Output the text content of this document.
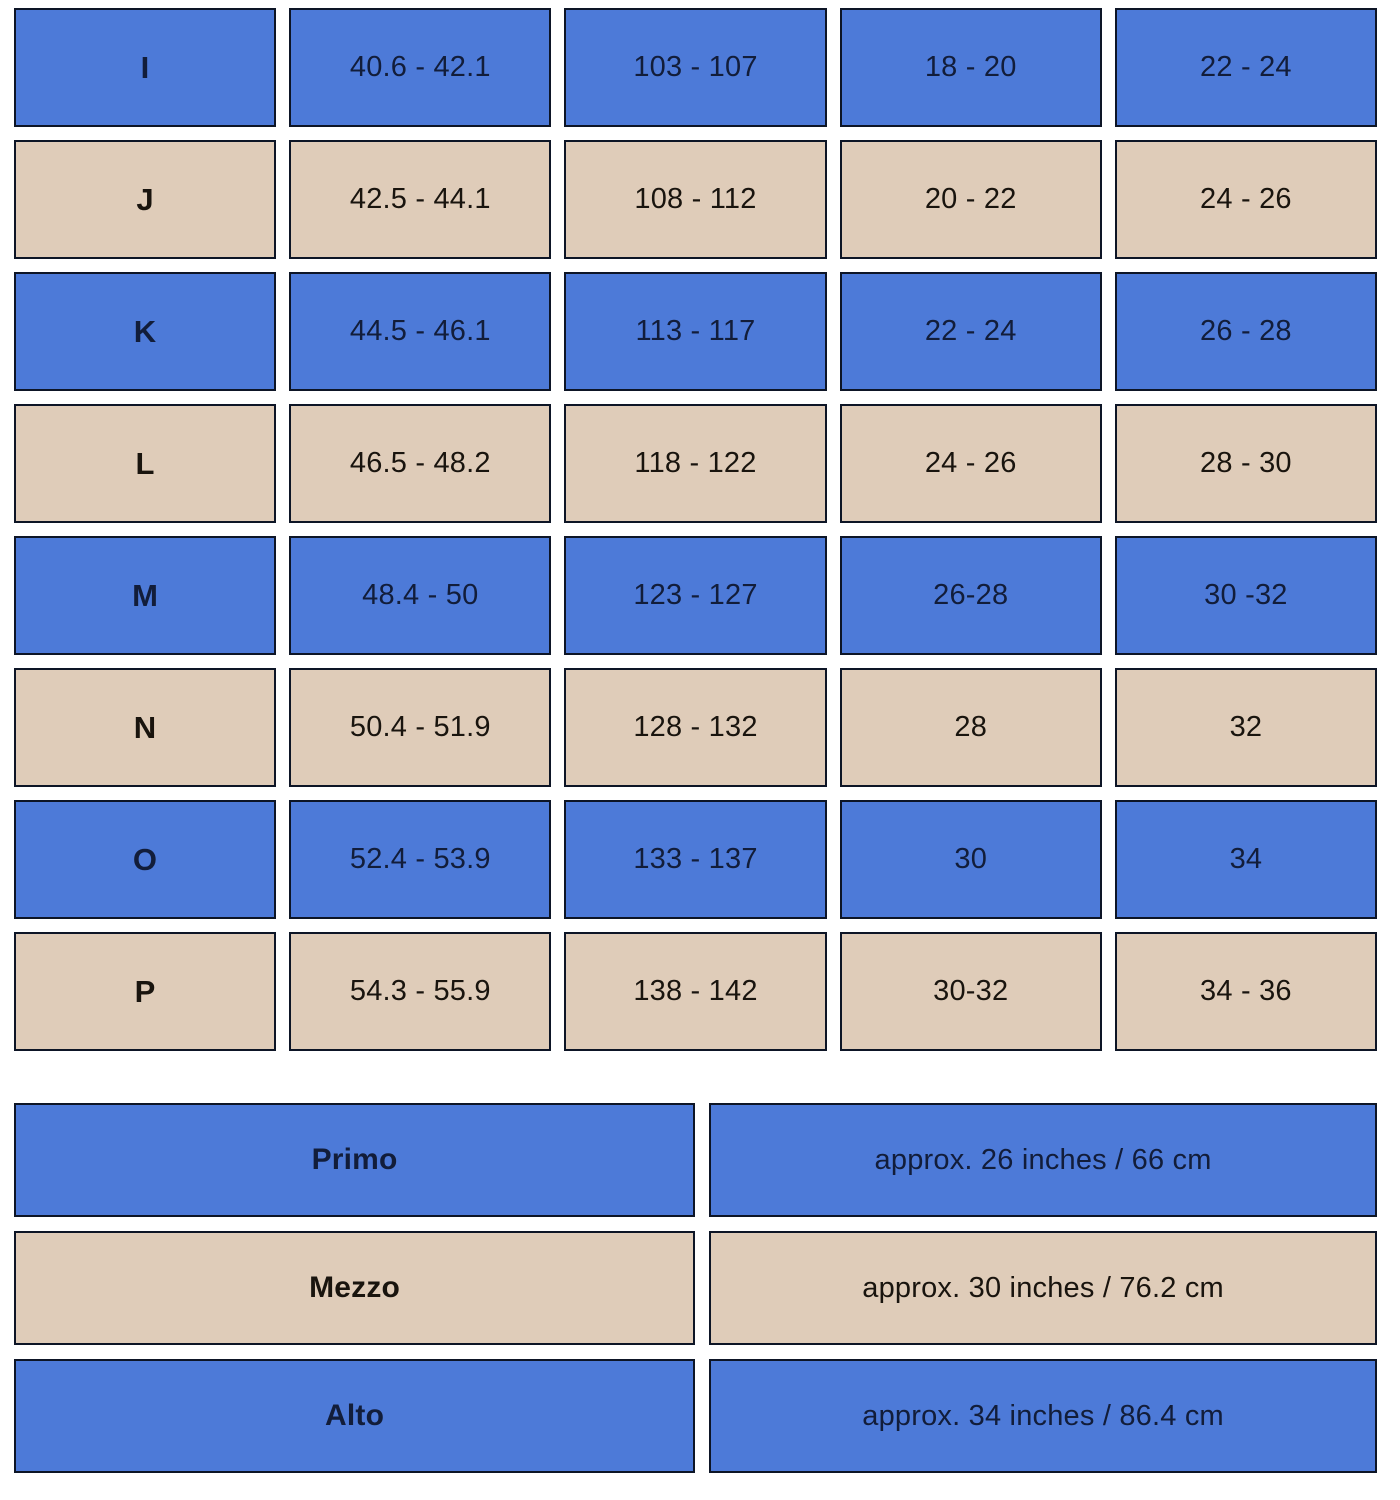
I	40.6 - 42.1	103 - 107	18 - 20	22 - 24
J	42.5 - 44.1	108 - 112	20 - 22	24 - 26
K	44.5 - 46.1	113 - 117	22 - 24	26 - 28
L	46.5 - 48.2	118 - 122	24 - 26	28 - 30
M	48.4 - 50	123 - 127	26-28	30 -32
N	50.4 - 51.9	128 - 132	28	32
O	52.4 - 53.9	133 - 137	30	34
P	54.3 - 55.9	138 - 142	30-32	34 - 36
Primo	approx. 26 inches / 66 cm
Mezzo	approx. 30 inches / 76.2 cm
Alto	approx. 34 inches / 86.4 cm
